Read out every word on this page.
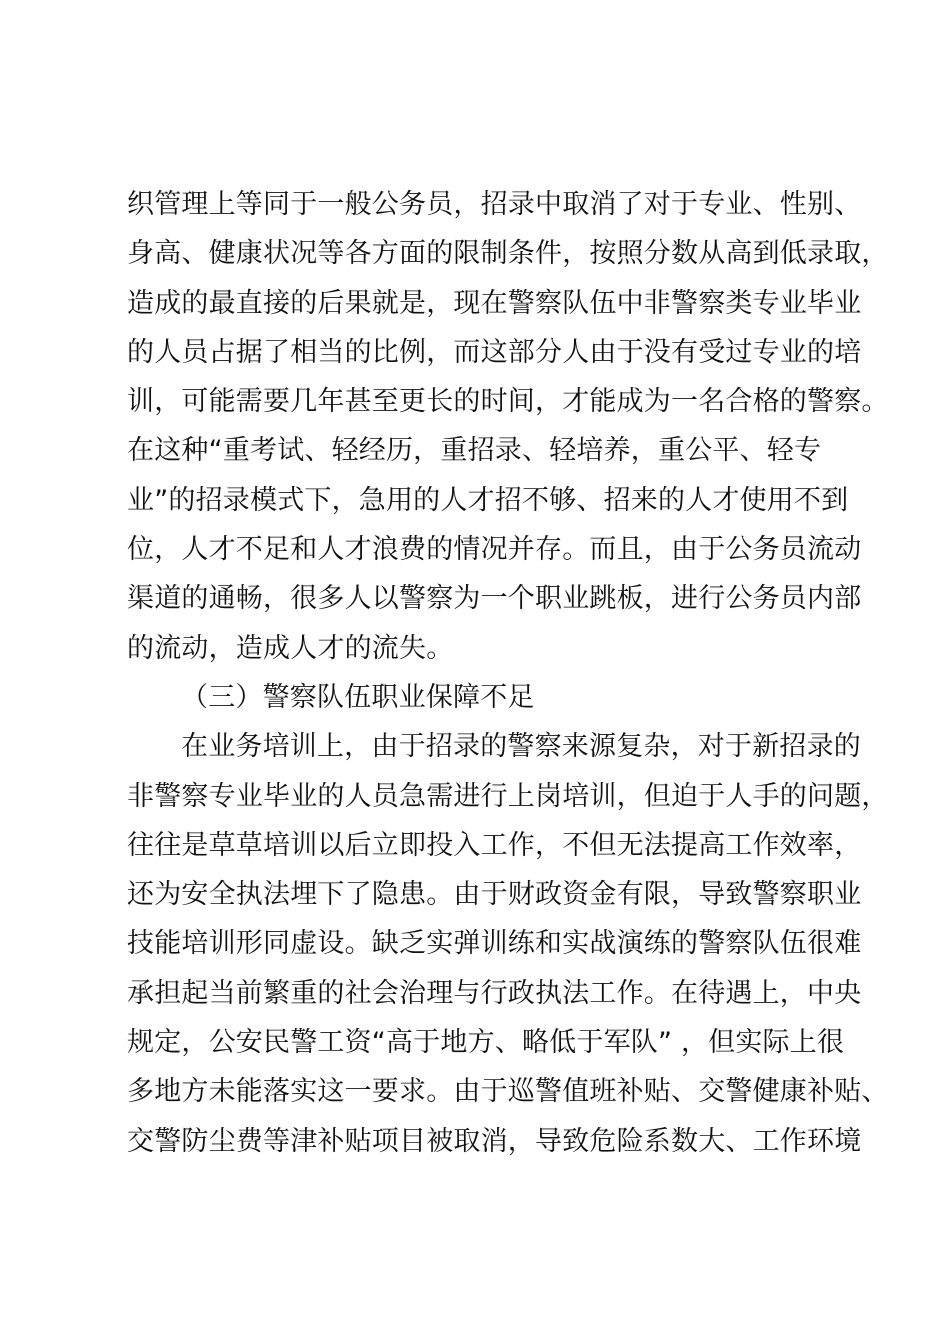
织管理上等同于一般公务员，招录中取消了对于专业、性别、
身高、健康状况等各方面的限制条件，按照分数从高到低录取，
造成的最直接的后果就是，现在警察队伍中非警察类专业毕业
的人员占据了相当的比例，而这部分人由于没有受过专业的培
训，可能需要几年甚至更长的时间，才能成为一名合格的警察。
在这种“重考试、轻经历，重招录、轻培养，重公平、轻专
业”的招录模式下，急用的人才招不够、招来的人才使用不到
位，人才不足和人才浪费的情况并存。而且，由于公务员流动
渠道的通畅，很多人以警察为一个职业跳板，进行公务员内部
的流动，造成人才的流失。
（三）警察队伍职业保障不足
在业务培训上，由于招录的警察来源复杂，对于新招录的
非警察专业毕业的人员急需进行上岗培训，但迫于人手的问题，
往往是草草培训以后立即投入工作，不但无法提高工作效率，
还为安全执法埋下了隐患。由于财政资金有限，导致警察职业
技能培训形同虚设。缺乏实弹训练和实战演练的警察队伍很难
承担起当前繁重的社会治理与行政执法工作。在待遇上，中央
规定，公安民警工资“高于地方、略低于军队” ，但实际上很
多地方未能落实这一要求。由于巡警值班补贴、交警健康补贴、
交警防尘费等津补贴项目被取消，导致危险系数大、工作环境
